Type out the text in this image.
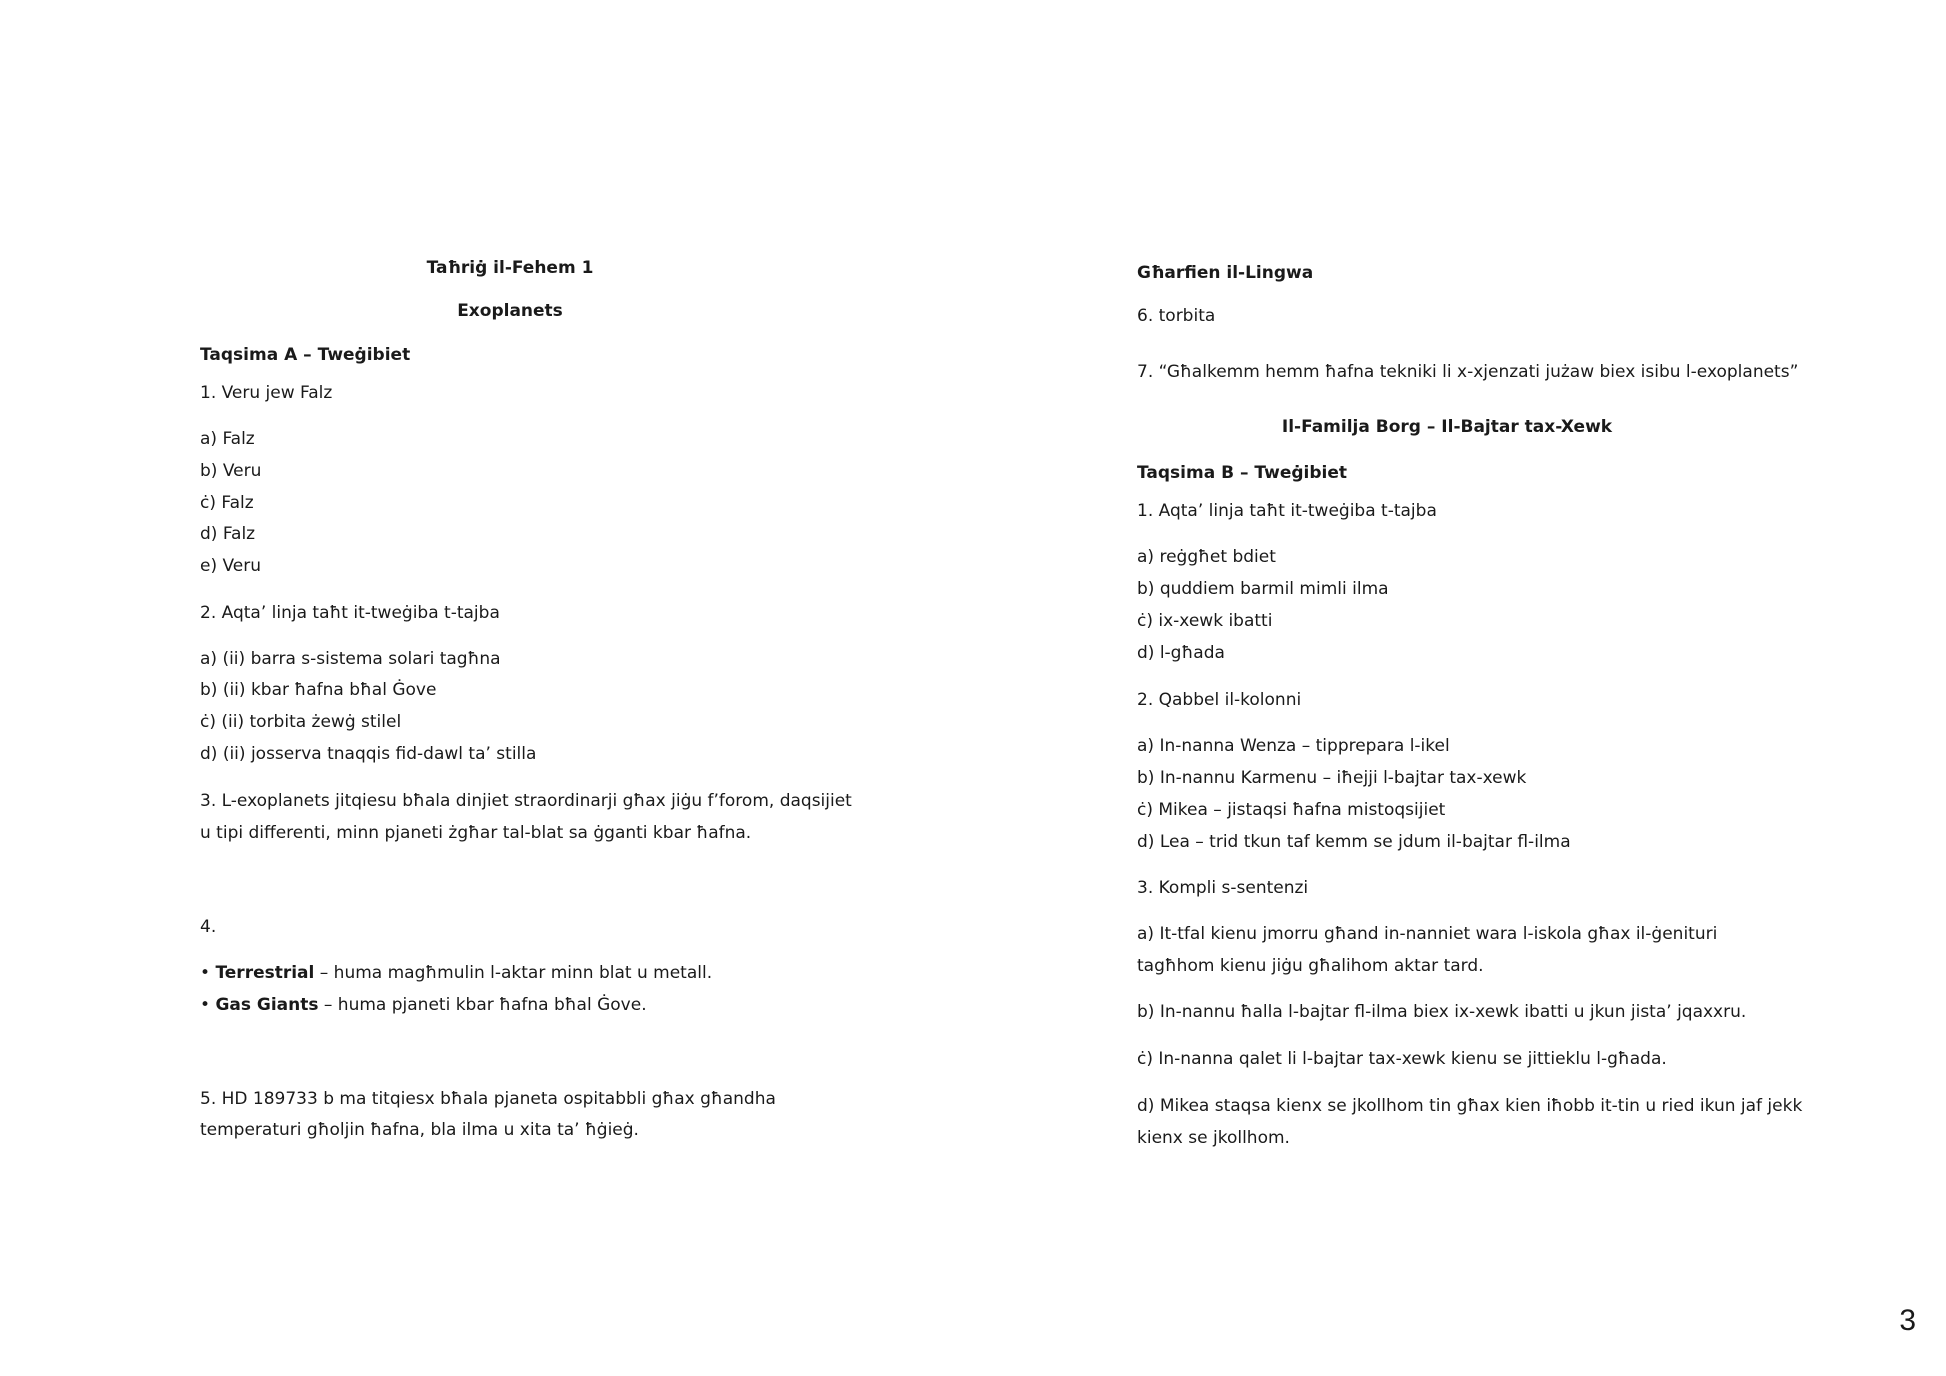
Taħriġ il-Fehem 1
Exoplanets
Taqsima A – Tweġibiet
1. Veru jew Falz
a) Falz
b) Veru
ċ) Falz
d) Falz
e) Veru
2. Aqta’ linja taħt it-tweġiba t-tajba
a) (ii) barra s-sistema solari tagħna
b) (ii) kbar ħafna bħal Ġove
ċ) (ii) torbita żewġ stilel
d) (ii) josserva tnaqqis fid-dawl ta’ stilla
3. L-exoplanets jitqiesu bħala dinjiet straordinarji għax jiġu f’forom, daqsijiet
u tipi differenti, minn pjaneti żgħar tal-blat sa ġganti kbar ħafna.
4.
• Terrestrial – huma magħmulin l-aktar minn blat u metall.
• Gas Giants – huma pjaneti kbar ħafna bħal Ġove.
5. HD 189733 b ma titqiesx bħala pjaneta ospitabbli għax għandha
temperaturi għoljin ħafna, bla ilma u xita ta’ ħġieġ.
Għarfien il-Lingwa
6. torbita
7. “Għalkemm hemm ħafna tekniki li x-xjenzati jużaw biex isibu l-exoplanets”
Il-Familja Borg – Il-Bajtar tax-Xewk
Taqsima B – Tweġibiet
1. Aqta’ linja taħt it-tweġiba t-tajba
a) reġgħet bdiet
b) quddiem barmil mimli ilma
ċ) ix-xewk ibatti
d) l-għada
2. Qabbel il-kolonni
a) In-nanna Wenza – tipprepara l-ikel
b) In-nannu Karmenu – iħejji l-bajtar tax-xewk
ċ) Mikea – jistaqsi ħafna mistoqsijiet
d) Lea – trid tkun taf kemm se jdum il-bajtar fl-ilma
3. Kompli s-sentenzi
a) It-tfal kienu jmorru għand in-nanniet wara l-iskola għax il-ġenituri
tagħhom kienu jiġu għalihom aktar tard.
b) In-nannu ħalla l-bajtar fl-ilma biex ix-xewk ibatti u jkun jista’ jqaxxru.
ċ) In-nanna qalet li l-bajtar tax-xewk kienu se jittieklu l-għada.
d) Mikea staqsa kienx se jkollhom tin għax kien iħobb it-tin u ried ikun jaf jekk
kienx se jkollhom.
3
